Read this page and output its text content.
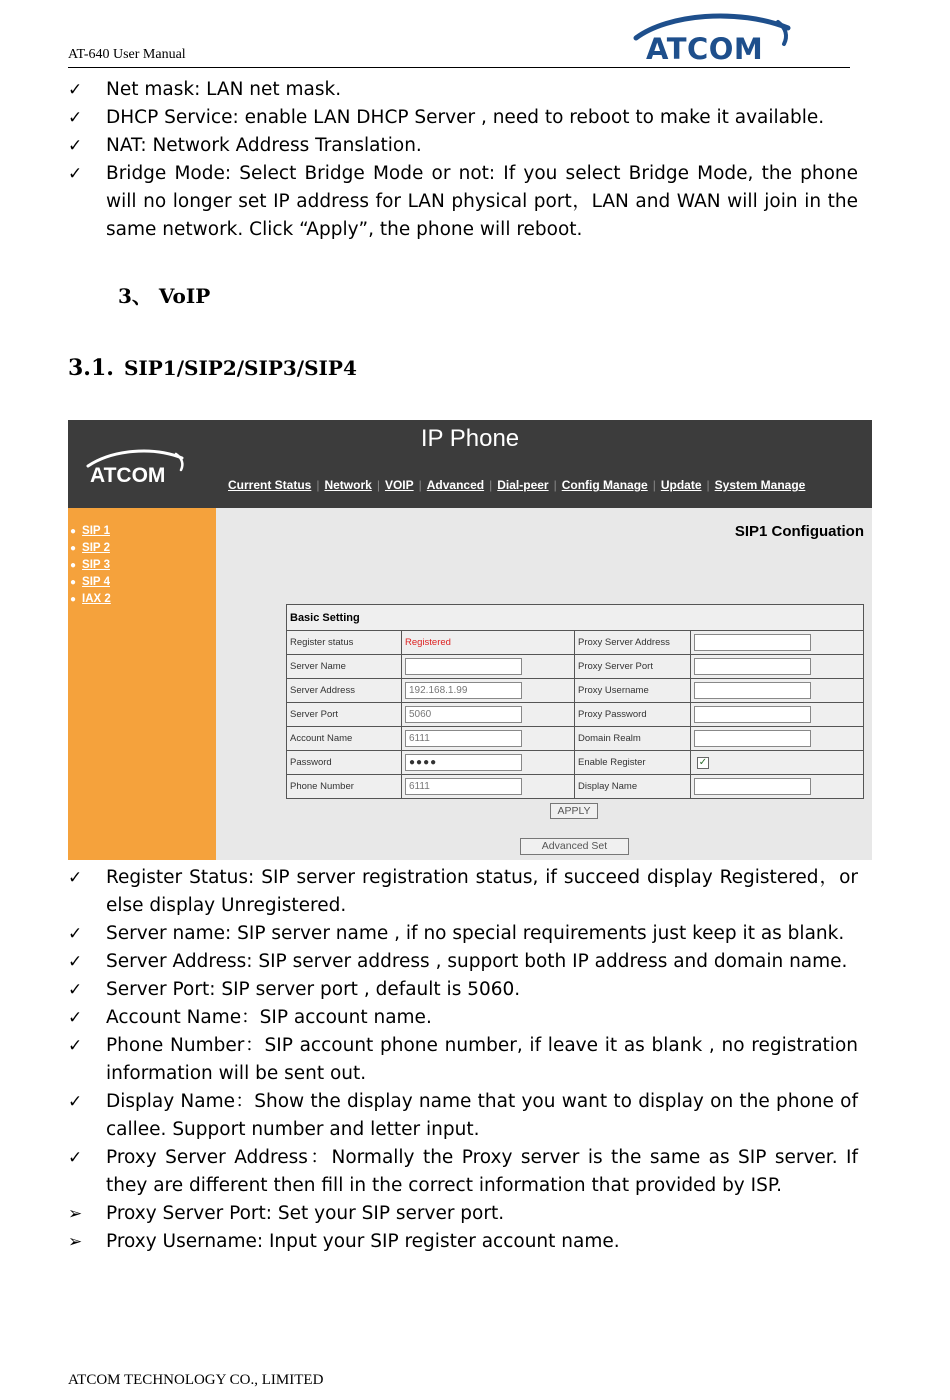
AT-640 User Manual	ATCOM
✓	Net mask: LAN net mask.
✓	DHCP Service: enable LAN DHCP Server , need to reboot to make it available.
✓	NAT: Network Address Translation.
✓	Bridge Mode: Select Bridge Mode or not: If you select Bridge Mode, the phone will no longer set IP address for LAN physical port，LAN and WAN will join in the same network. Click “Apply”, the phone will reboot.
3、 VoIP
3.1. SIP1/SIP2/SIP3/SIP4
IP Phone
ATCOM	Current Status | Network | VOIP | Advanced | Dial-peer | Config Manage | Update | System Manage
● SIP 1
● SIP 2
● SIP 3
● SIP 4
● IAX 2
SIP1 Configuation
Basic Setting			
Register status	Registered	Proxy Server Address	

Server Name		Proxy Server Port	

Server Address	192.168.1.99	Proxy Username	

Server Port	5060	Proxy Password	

Account Name	6111	Domain Realm	

Password	●●●●	Enable Register	✓
Phone Number	6111	Display Name	
APPLY
Advanced Set
✓	Register Status: SIP server registration status, if succeed display Registered，or else display Unregistered.
✓	Server name: SIP server name , if no special requirements just keep it as blank.
✓	Server Address: SIP server address , support both IP address and domain name.
✓	Server Port: SIP server port , default is 5060.
✓	Account Name：SIP account name.
✓	Phone Number：SIP account phone number, if leave it as blank , no registration information will be sent out.
✓	Display Name：Show the display name that you want to display on the phone of callee. Support number and letter input.
✓	Proxy Server Address：Normally the Proxy server is the same as SIP server. If they are different then fill in the correct information that provided by ISP.
➢	Proxy Server Port: Set your SIP server port.
➢	Proxy Username: Input your SIP register account name.
ATCOM TECHNOLOGY CO., LIMITED
